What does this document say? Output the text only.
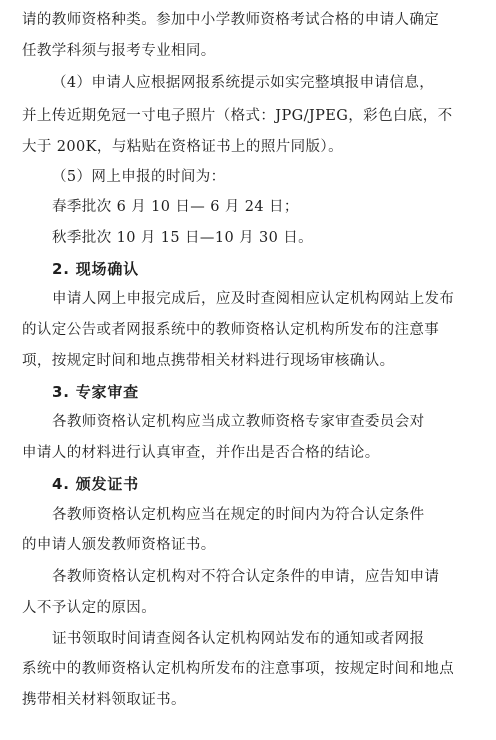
请的教师资格种类。参加中小学教师资格考试合格的申请人确定
任教学科须与报考专业相同。
（4）申请人应根据网报系统提示如实完整填报申请信息，
并上传近期免冠一寸电子照片（格式：JPG/JPEG，彩色白底，不
大于 200K，与粘贴在资格证书上的照片同版）。
（5）网上申报的时间为：
春季批次 6 月 10 日— 6 月 24 日；
秋季批次 10 月 15 日—10 月 30 日。
2. 现场确认
申请人网上申报完成后，应及时查阅相应认定机构网站上发布
的认定公告或者网报系统中的教师资格认定机构所发布的注意事
项，按规定时间和地点携带相关材料进行现场审核确认。
3. 专家审查
各教师资格认定机构应当成立教师资格专家审查委员会对
申请人的材料进行认真审查，并作出是否合格的结论。
4. 颁发证书
各教师资格认定机构应当在规定的时间内为符合认定条件
的申请人颁发教师资格证书。
各教师资格认定机构对不符合认定条件的申请，应告知申请
人不予认定的原因。
证书领取时间请查阅各认定机构网站发布的通知或者网报
系统中的教师资格认定机构所发布的注意事项，按规定时间和地点
携带相关材料领取证书。
